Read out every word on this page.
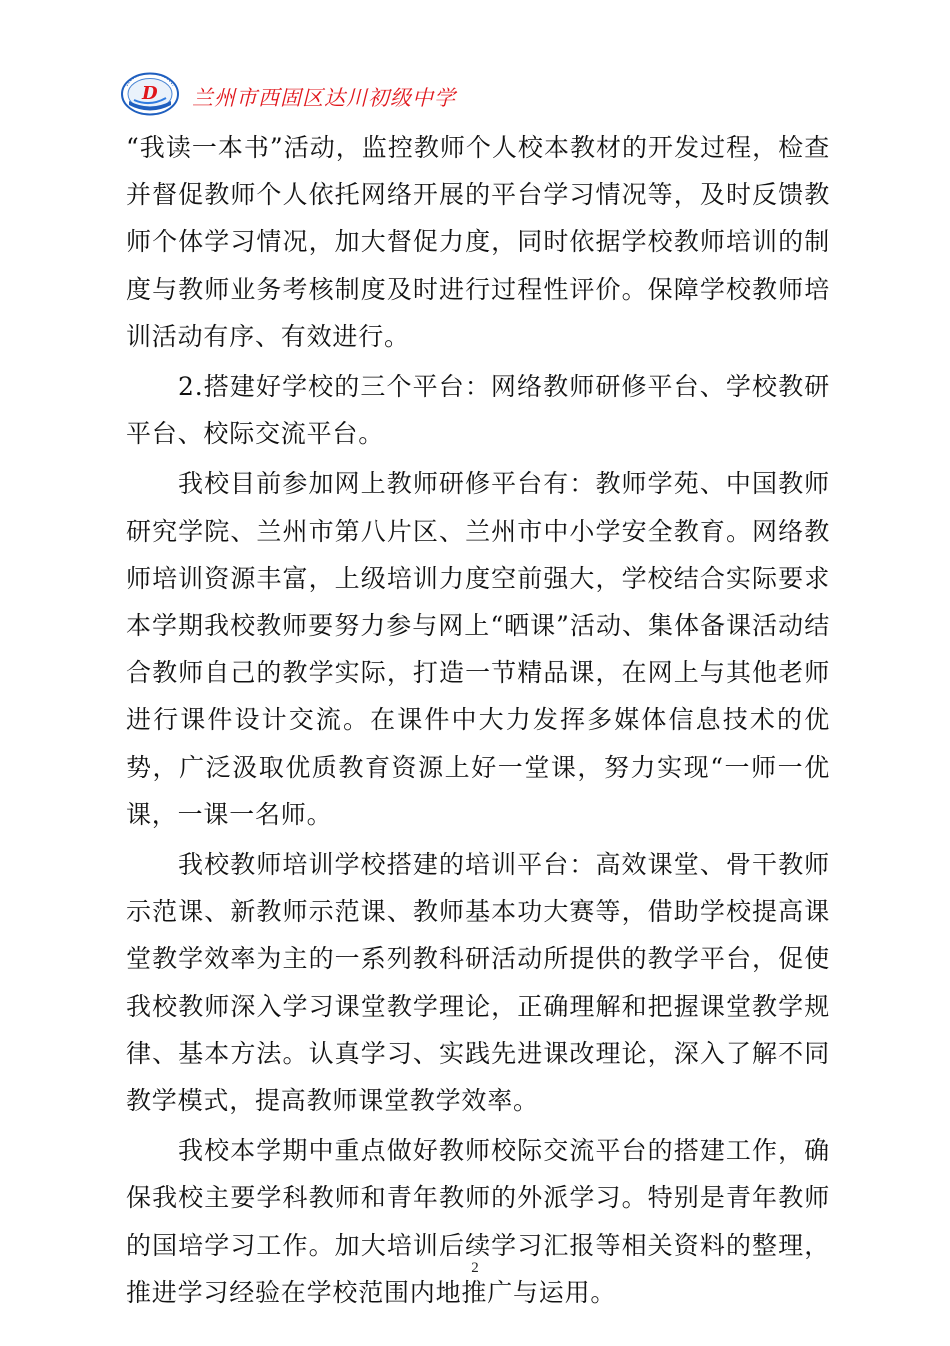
D 兰州市西固区达川初级中学

“我读一本书”活动，监控教师个人校本教材的开发过程，检查并督促教师个人依托网络开展的平台学习情况等，及时反馈教师个体学习情况，加大督促力度，同时依据学校教师培训的制度与教师业务考核制度及时进行过程性评价。保障学校教师培训活动有序、有效进行。

2.搭建好学校的三个平台：网络教师研修平台、学校教研平台、校际交流平台。

我校目前参加网上教师研修平台有：教师学苑、中国教师研究学院、兰州市第八片区、兰州市中小学安全教育。网络教师培训资源丰富，上级培训力度空前强大，学校结合实际要求本学期我校教师要努力参与网上“晒课”活动、集体备课活动结合教师自己的教学实际，打造一节精品课，在网上与其他老师进行课件设计交流。在课件中大力发挥多媒体信息技术的优势，广泛汲取优质教育资源上好一堂课，努力实现“一师一优课，一课一名师。

我校教师培训学校搭建的培训平台：高效课堂、骨干教师示范课、新教师示范课、教师基本功大赛等，借助学校提高课堂教学效率为主的一系列教科研活动所提供的教学平台，促使我校教师深入学习课堂教学理论，正确理解和把握课堂教学规律、基本方法。认真学习、实践先进课改理论，深入了解不同教学模式，提高教师课堂教学效率。

我校本学期中重点做好教师校际交流平台的搭建工作，确保我校主要学科教师和青年教师的外派学习。特别是青年教师的国培学习工作。加大培训后续学习汇报等相关资料的整理，推进学习经验在学校范围内地推广与运用。

2
